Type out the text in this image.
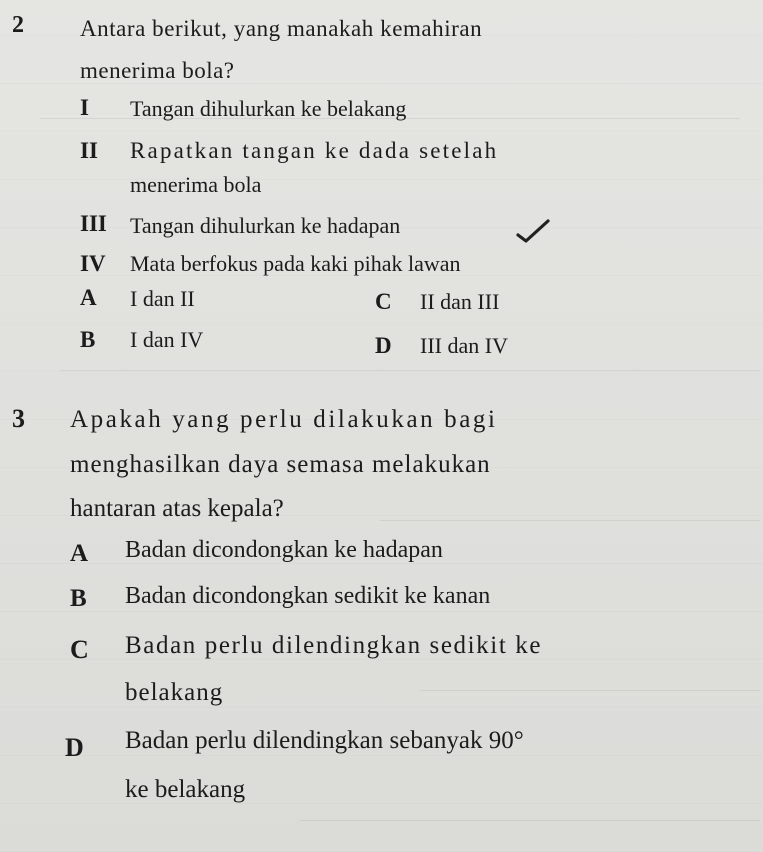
2 Antara berikut, yang manakah kemahiran
menerima bola?
I Tangan dihulurkan ke belakang
II Rapatkan tangan ke dada setelah
menerima bola
III Tangan dihulurkan ke hadapan
IV Mata berfokus pada kaki pihak lawan
A I dan II	C II dan III
B I dan IV	D III dan IV
3 Apakah yang perlu dilakukan bagi
menghasilkan daya semasa melakukan
hantaran atas kepala?
A Badan dicondongkan ke hadapan
B Badan dicondongkan sedikit ke kanan
C Badan perlu dilendingkan sedikit ke
belakang
D Badan perlu dilendingkan sebanyak 90°
ke belakang
